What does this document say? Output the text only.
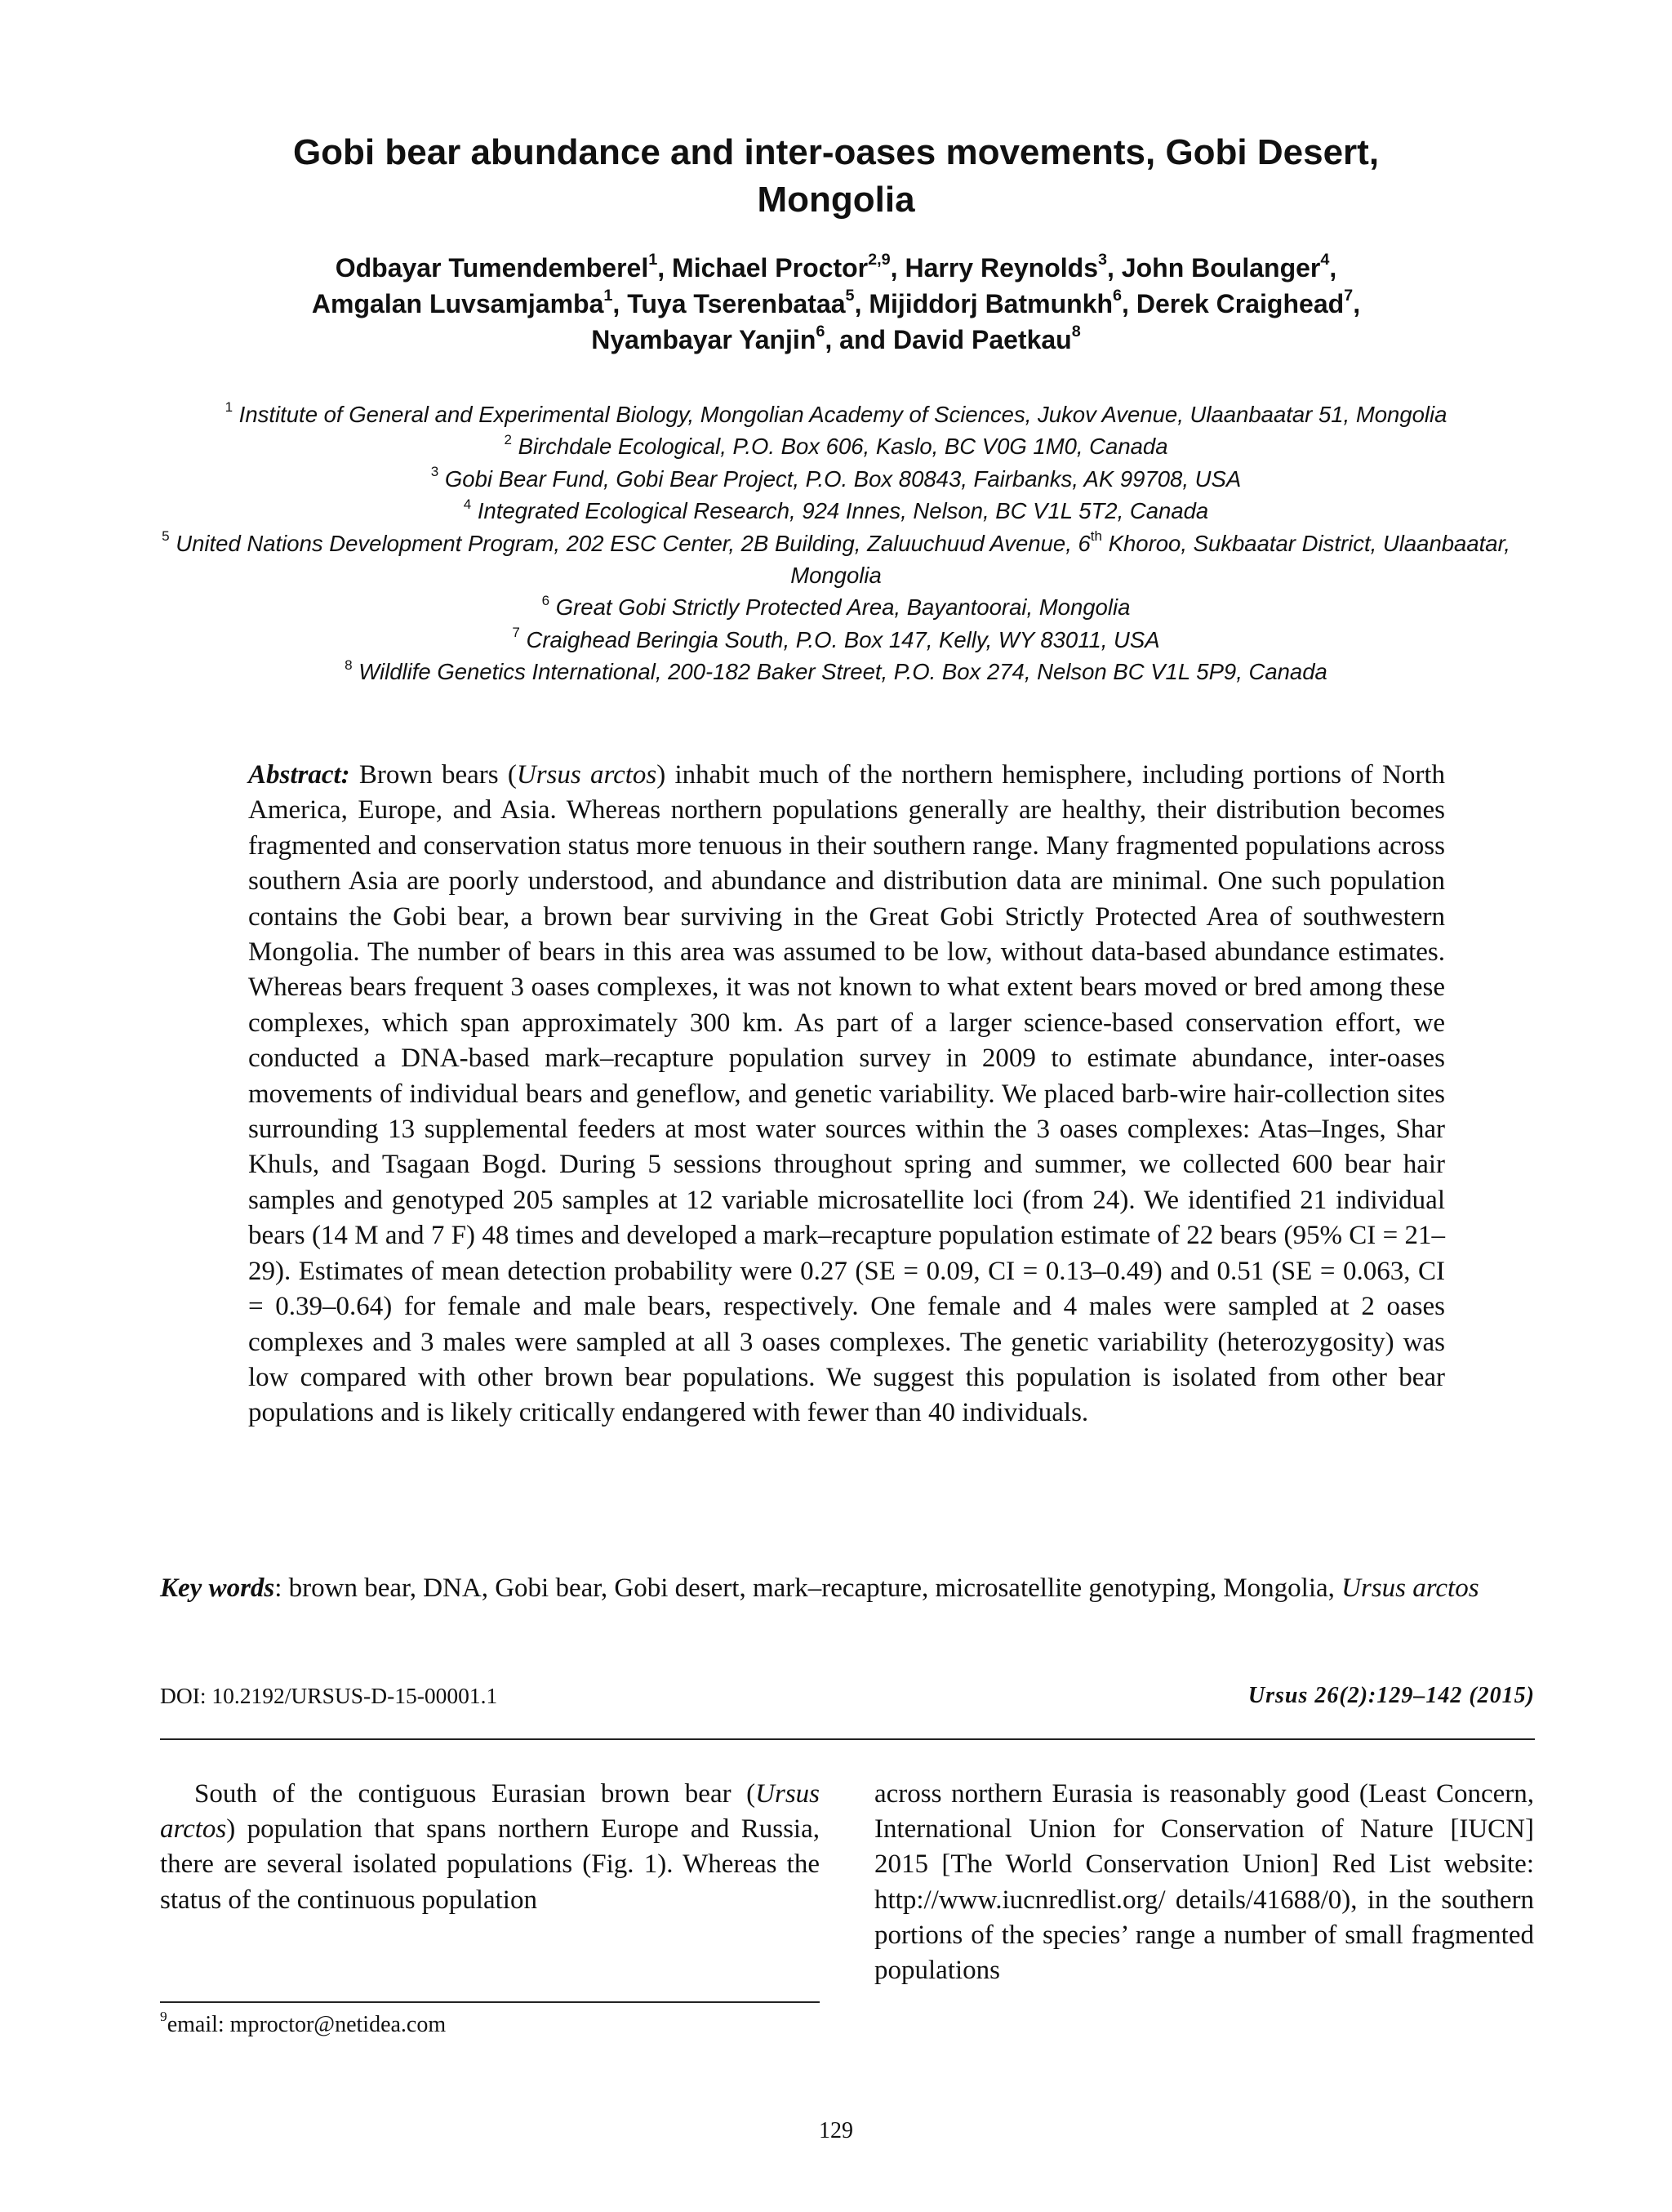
Gobi bear abundance and inter-oases movements, Gobi Desert,
Mongolia
Odbayar Tumendemberel$^1$, Michael Proctor$^{2,9}$, Harry Reynolds$^3$, John Boulanger$^4$,
Amgalan Luvsamjamba$^1$, Tuya Tserenbataa$^5$, Mijiddorj Batmunkh$^6$, Derek Craighead$^7$,
Nyambayar Yanjin$^6$, and David Paetkau$^8$
$^1$ Institute of General and Experimental Biology, Mongolian Academy of Sciences, Jukov Avenue, Ulaanbaatar 51, Mongolia
$^2$ Birchdale Ecological, P.O. Box 606, Kaslo, BC V0G 1M0, Canada
$^3$ Gobi Bear Fund, Gobi Bear Project, P.O. Box 80843, Fairbanks, AK 99708, USA
$^4$ Integrated Ecological Research, 924 Innes, Nelson, BC V1L 5T2, Canada
$^5$ United Nations Development Program, 202 ESC Center, 2B Building, Zaluuchuud Avenue, 6th Khoroo, Sukbaatar District, Ulaanbaatar, Mongolia
$^6$ Great Gobi Strictly Protected Area, Bayantoorai, Mongolia
$^7$ Craighead Beringia South, P.O. Box 147, Kelly, WY 83011, USA
$^8$ Wildlife Genetics International, 200-182 Baker Street, P.O. Box 274, Nelson BC V1L 5P9, Canada

Abstract: Brown bears (Ursus arctos) inhabit much of the northern hemisphere, including portions of North America, Europe, and Asia. Whereas northern populations generally are healthy, their distribution becomes fragmented and conservation status more tenuous in their southern range. Many fragmented populations across southern Asia are poorly understood, and abundance and distribution data are minimal. One such population contains the Gobi bear, a brown bear surviving in the Great Gobi Strictly Protected Area of southwestern Mongolia. The number of bears in this area was assumed to be low, without data-based abundance estimates. Whereas bears frequent 3 oases complexes, it was not known to what extent bears moved or bred among these complexes, which span approximately 300 km. As part of a larger science-based conservation effort, we conducted a DNA-based mark–recapture population survey in 2009 to estimate abundance, inter-oases movements of individual bears and geneflow, and genetic variability. We placed barb-wire hair-collection sites surrounding 13 supplemental feeders at most water sources within the 3 oases complexes: Atas–Inges, Shar Khuls, and Tsagaan Bogd. During 5 sessions throughout spring and summer, we collected 600 bear hair samples and genotyped 205 samples at 12 variable microsatellite loci (from 24). We identified 21 individual bears (14 M and 7 F) 48 times and developed a mark–recapture population estimate of 22 bears (95% CI = 21–29). Estimates of mean detection probability were 0.27 (SE = 0.09, CI = 0.13–0.49) and 0.51 (SE = 0.063, CI = 0.39–0.64) for female and male bears, respectively. One female and 4 males were sampled at 2 oases complexes and 3 males were sampled at all 3 oases complexes. The genetic variability (heterozygosity) was low compared with other brown bear populations. We suggest this population is isolated from other bear populations and is likely critically endangered with fewer than 40 individuals.

Key words: brown bear, DNA, Gobi bear, Gobi desert, mark–recapture, microsatellite genotyping, Mongolia, Ursus arctos

DOI: 10.2192/URSUS-D-15-00001.1	Ursus 26(2):129–142 (2015)

South of the contiguous Eurasian brown bear (Ursus arctos) population that spans northern Europe and Russia, there are several isolated populations (Fig. 1). Whereas the status of the continuous population

across northern Eurasia is reasonably good (Least Concern, International Union for Conservation of Nature [IUCN] 2015 [The World Conservation Union] Red List website: http://www.iucnredlist.org/ details/41688/0), in the southern portions of the species’ range a number of small fragmented populations

$^9$email: mproctor@netidea.com
129
